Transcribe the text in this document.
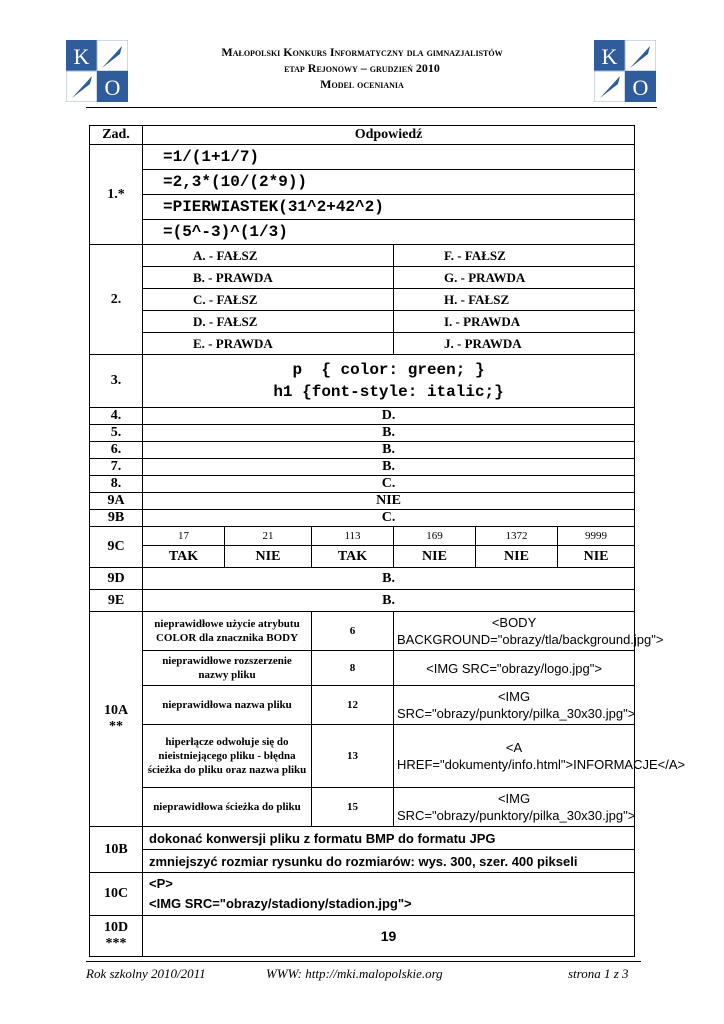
K
O
K
O
Małopolski Konkurs Informatyczny dla gimnazjalistów
etap Rejonowy – grudzień 2010
Model oceniania
Zad.	Odpowiedź					
1.*	=1/(1+1/7)					
	=2,3*(10/(2*9))					
	=PIERWIASTEK(31^2+42^2)					
	=(5^-3)^(1/3)					
2.	A. - FAŁSZ			F. - FAŁSZ		
	B. - PRAWDA			G. - PRAWDA		
	C. - FAŁSZ			H. - FAŁSZ		
	D. - FAŁSZ			I. - PRAWDA		
	E. - PRAWDA			J. - PRAWDA		
3.	p  { color: green; }
h1 {font-style: italic;}					

4.	D.					
5.	B.					
6.	B.					
7.	B.					
8.	C.					
9A	NIE					
9B	C.					
9C	17	21	113	169	1372	9999
	TAK	NIE	TAK	NIE	NIE	NIE
9D	B.					
9E	B.					

10A
**	nieprawidłowe użycie atrybutu COLOR dla znacznika BODY		6	<BODY BACKGROUND="obrazy/tla/background.jpg">		
	nieprawidłowe rozszerzenie nazwy pliku		8	<IMG SRC="obrazy/logo.jpg">		
	nieprawidłowa nazwa pliku		12	<IMG SRC="obrazy/punktory/pilka_30x30.jpg">		
	hiperłącze odwołuje się do nieistniejącego pliku - błędna ścieżka do pliku oraz nazwa pliku		13	<A HREF="dokumenty/info.html">INFORMACJE</A>		
	nieprawidłowa ścieżka do pliku		15	<IMG SRC="obrazy/punktory/pilka_30x30.jpg">		
10B	dokonać konwersji pliku z formatu BMP do formatu JPG					
	zmniejszyć rozmiar rysunku do rozmiarów: wys. 300, szer. 400 pikseli					
10C	<P>
<IMG SRC="obrazy/stadiony/stadion.jpg">					

10D
***	19					
Rok szkolny 2010/2011	WWW: http://mki.malopolskie.org	strona 1 z 3
